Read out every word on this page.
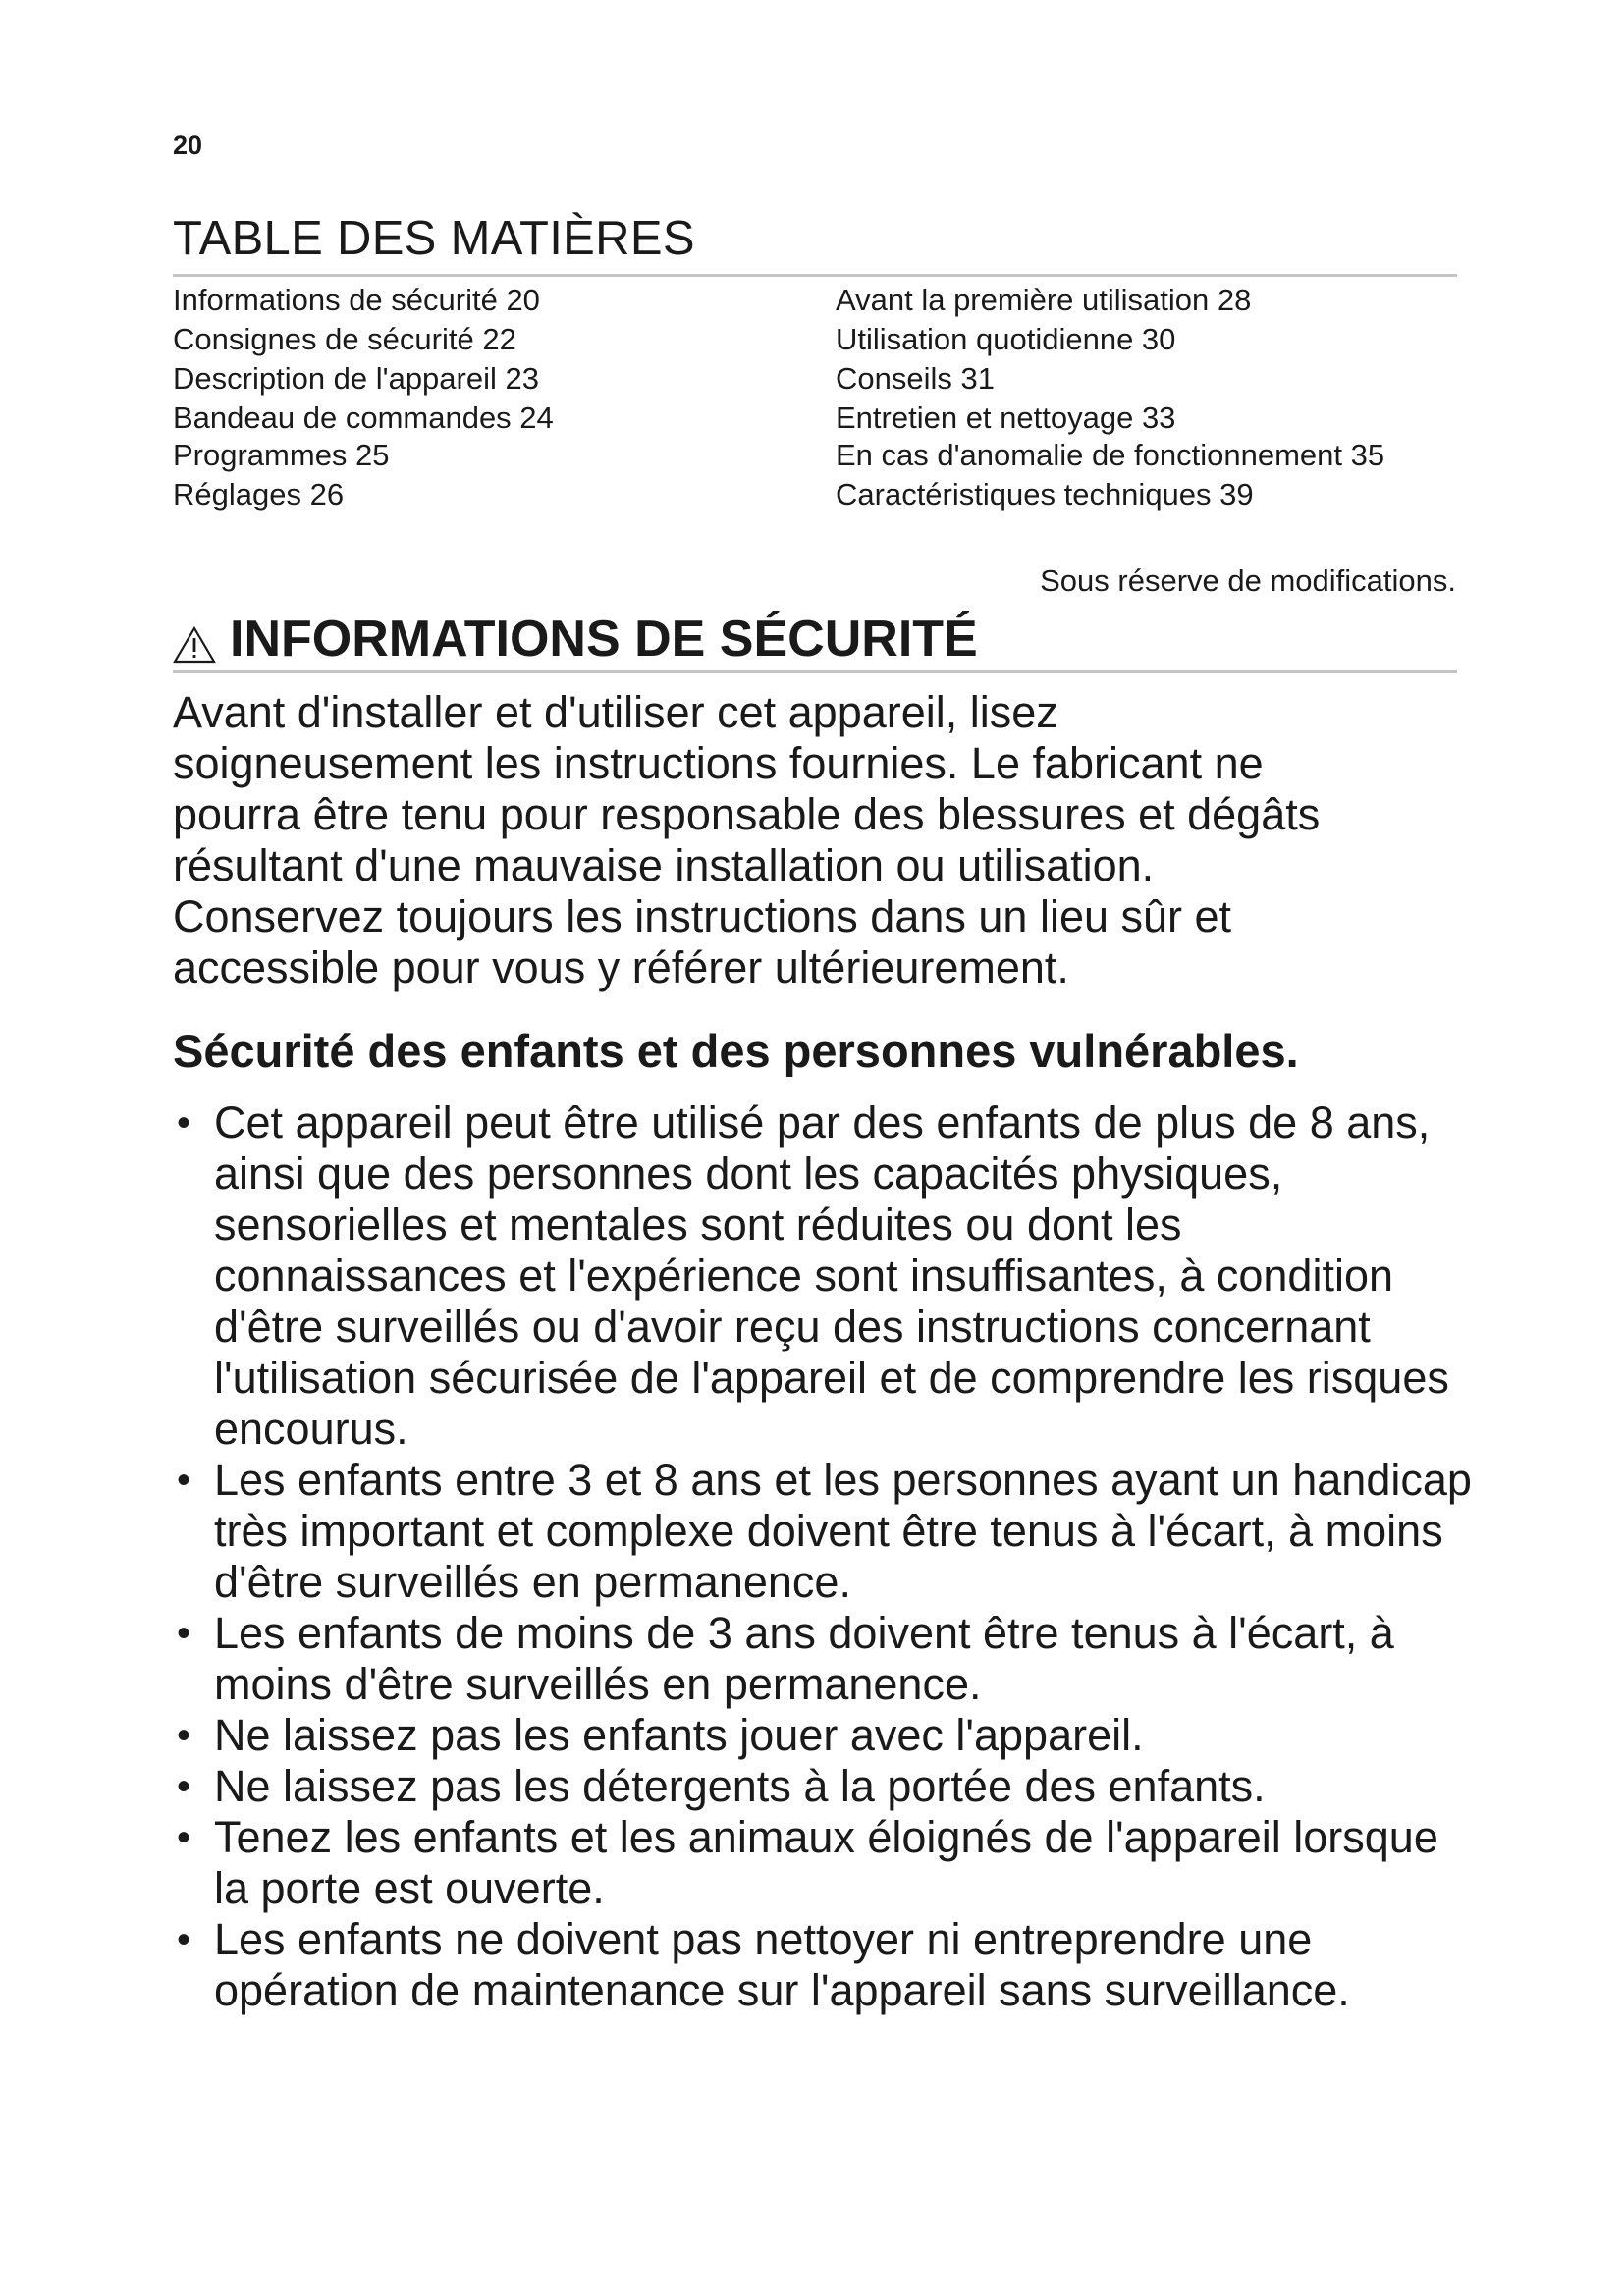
20
TABLE DES MATIÈRES
Informations de sécurité 20
Consignes de sécurité 22
Description de l'appareil 23
Bandeau de commandes 24
Programmes 25
Réglages 26
Avant la première utilisation 28
Utilisation quotidienne 30
Conseils 31
Entretien et nettoyage 33
En cas d'anomalie de fonctionnement 35
Caractéristiques techniques 39
Sous réserve de modifications.
INFORMATIONS DE SÉCURITÉ

Avant d'installer et d'utiliser cet appareil, lisez

soigneusement les instructions fournies. Le fabricant ne

pourra être tenu pour responsable des blessures et dégâts

résultant d'une mauvaise installation ou utilisation.

Conservez toujours les instructions dans un lieu sûr et

accessible pour vous y référer ultérieurement.

Sécurité des enfants et des personnes vulnérables.
• Cet appareil peut être utilisé par des enfants de plus de 8 ans, ainsi que des personnes dont les capacités physiques, sensorielles et mentales sont réduites ou dont les connaissances et l'expérience sont insuffisantes, à condition d'être surveillés ou d'avoir reçu des instructions concernant l'utilisation sécurisée de l'appareil et de comprendre les risques encourus.
• Les enfants entre 3 et 8 ans et les personnes ayant un handicap très important et complexe doivent être tenus à l'écart, à moins d'être surveillés en permanence.
• Les enfants de moins de 3 ans doivent être tenus à l'écart, à moins d'être surveillés en permanence.
• Ne laissez pas les enfants jouer avec l'appareil.
• Ne laissez pas les détergents à la portée des enfants.
• Tenez les enfants et les animaux éloignés de l'appareil lorsque la porte est ouverte.
• Les enfants ne doivent pas nettoyer ni entreprendre une opération de maintenance sur l'appareil sans surveillance.
